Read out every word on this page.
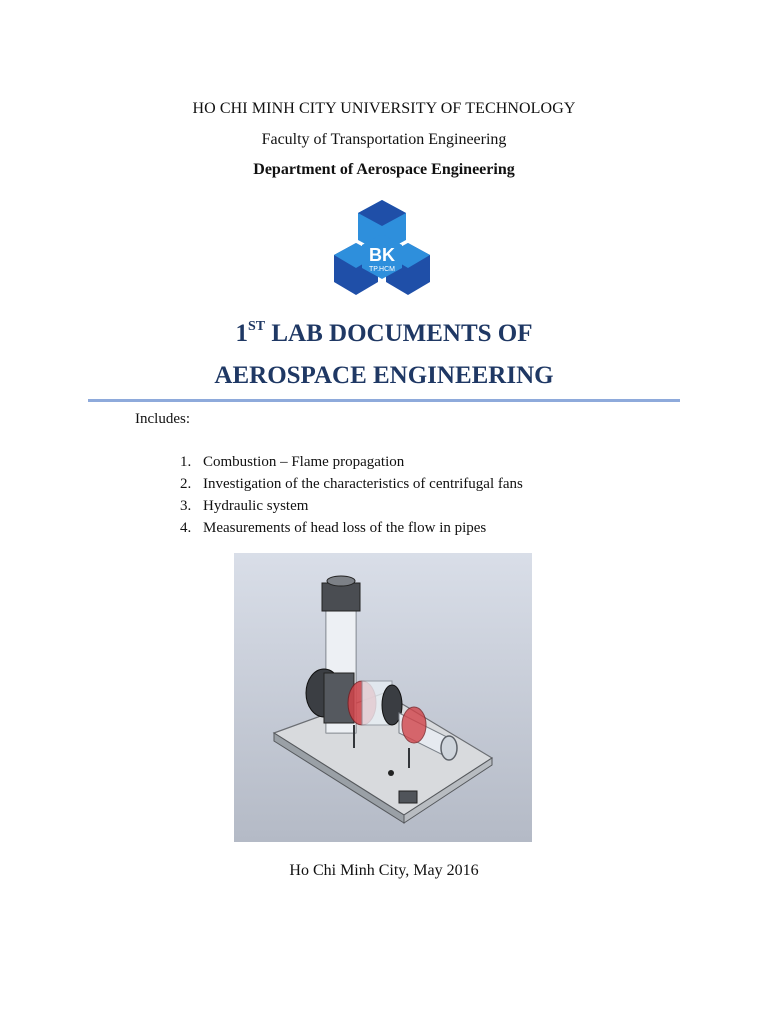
HO CHI MINH CITY UNIVERSITY OF TECHNOLOGY
Faculty of Transportation Engineering
Department of Aerospace Engineering
BK
TP.HCM
1ST LAB DOCUMENTS OF
AEROSPACE ENGINEERING
Includes:
1. Combustion – Flame propagation
2. Investigation of the characteristics of centrifugal fans
3. Hydraulic system
4. Measurements of head loss of the flow in pipes
Ho Chi Minh City, May 2016
